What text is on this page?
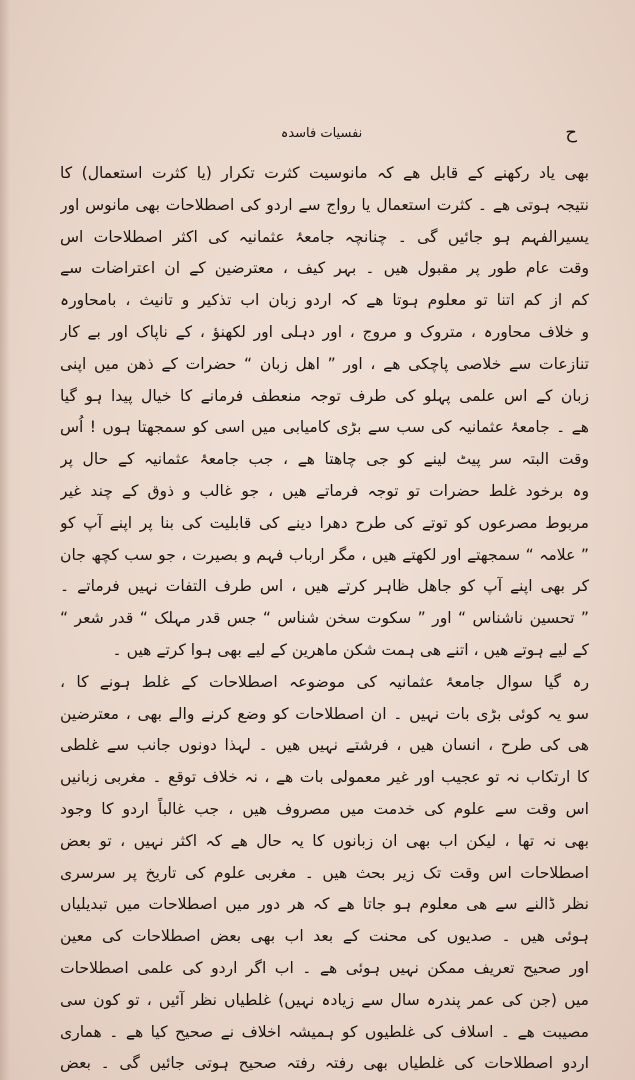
نفسیات فاسدہ	ح
بھی یاد رکھنے کے قابل ھے کہ مانوسیت کثرت تکرار (یا کثرت استعمال) کا
نتیجہ ہوتی ھے ۔ کثرت استعمال یا رواج سے اردو کی اصطلاحات بھی مانوس اور
یسیرالفہم ہو جائیں گی ۔ چنانچہ جامعۂ عثمانیہ کی اکثر اصطلاحات اس
وقت عام طور پر مقبول ھیں ۔ بہر کیف ، معترضین کے ان اعتراضات سے
کم از کم اتنا تو معلوم ہوتا ھے کہ اردو زبان اب تذکیر و تانیث ، بامحاورہ
و خلاف محاورہ ، متروک و مروج ، اور دہلی اور لکھنؤ ، کے ناپاک اور بے کار
تنازعات سے خلاصی پاچکی ھے ، اور ” اھل زبان “ حضرات کے ذھن میں اپنی
زبان کے اس علمی پہلو کی طرف توجہ منعطف فرمانے کا خیال پیدا ہو گیا
ھے ۔ جامعۂ عثمانیہ کی سب سے بڑی کامیابی میں اسی کو سمجھتا ہوں ! اُس
وقت البتہ سر پیٹ لینے کو جی چاھتا ھے ، جب جامعۂ عثمانیہ کے حال پر
وہ برخود غلط حضرات تو توجہ فرماتے ھیں ، جو غالب و ذوق کے چند غیر
مربوط مصرعوں کو توتے کی طرح دھرا دینے کی قابلیت کی بنا پر اپنے آپ کو
” علامہ “ سمجھتے اور لکھتے ھیں ، مگر ارباب فہم و بصیرت ، جو سب کچھ جان
کر بھی اپنے آپ کو جاھل ظاہر کرتے ھیں ، اس طرف التفات نہیں فرماتے ۔
” تحسین ناشناس “ اور ” سکوت سخن شناس “ جس قدر مہلک “ قدر شعر “
کے لیے ہوتے ھیں ، اتنے ھی ہمت شکن ماھرین کے لیے بھی ہوا کرتے ھیں ۔
رہ گیا سوال جامعۂ عثمانیہ کی موضوعہ اصطلاحات کے غلط ہونے کا ،
سو یہ کوئی بڑی بات نہیں ۔ ان اصطلاحات کو وضع کرنے والے بھی ، معترضین
ھی کی طرح ، انسان ھیں ، فرشتے نہیں ھیں ۔ لہذا دونوں جانب سے غلطی
کا ارتکاب نہ تو عجیب اور غیر معمولی بات ھے ، نہ خلاف توقع ۔ مغربی زبانیں
اس وقت سے علوم کی خدمت میں مصروف ھیں ، جب غالباً اردو کا وجود
بھی نہ تھا ، لیکن اب بھی ان زبانوں کا یہ حال ھے کہ اکثر نہیں ، تو بعض
اصطلاحات اس وقت تک زیر بحث ھیں ۔ مغربی علوم کی تاریخ پر سرسری
نظر ڈالنے سے ھی معلوم ہو جاتا ھے کہ ھر دور میں اصطلاحات میں تبدیلیاں
ہوئی ھیں ۔ صدیوں کی محنت کے بعد اب بھی بعض اصطلاحات کی معین
اور صحیح تعریف ممکن نہیں ہوئی ھے ۔ اب اگر اردو کی علمی اصطلاحات
میں (جن کی عمر پندرہ سال سے زیادہ نہیں) غلطیاں نظر آئیں ، تو کون سی
مصیبت ھے ۔ اسلاف کی غلطیوں کو ہمیشہ اخلاف نے صحیح کیا ھے ۔ ھماری
اردو اصطلاحات کی غلطیاں بھی رفتہ رفتہ صحیح ہوتی جائیں گی ۔ بعض
